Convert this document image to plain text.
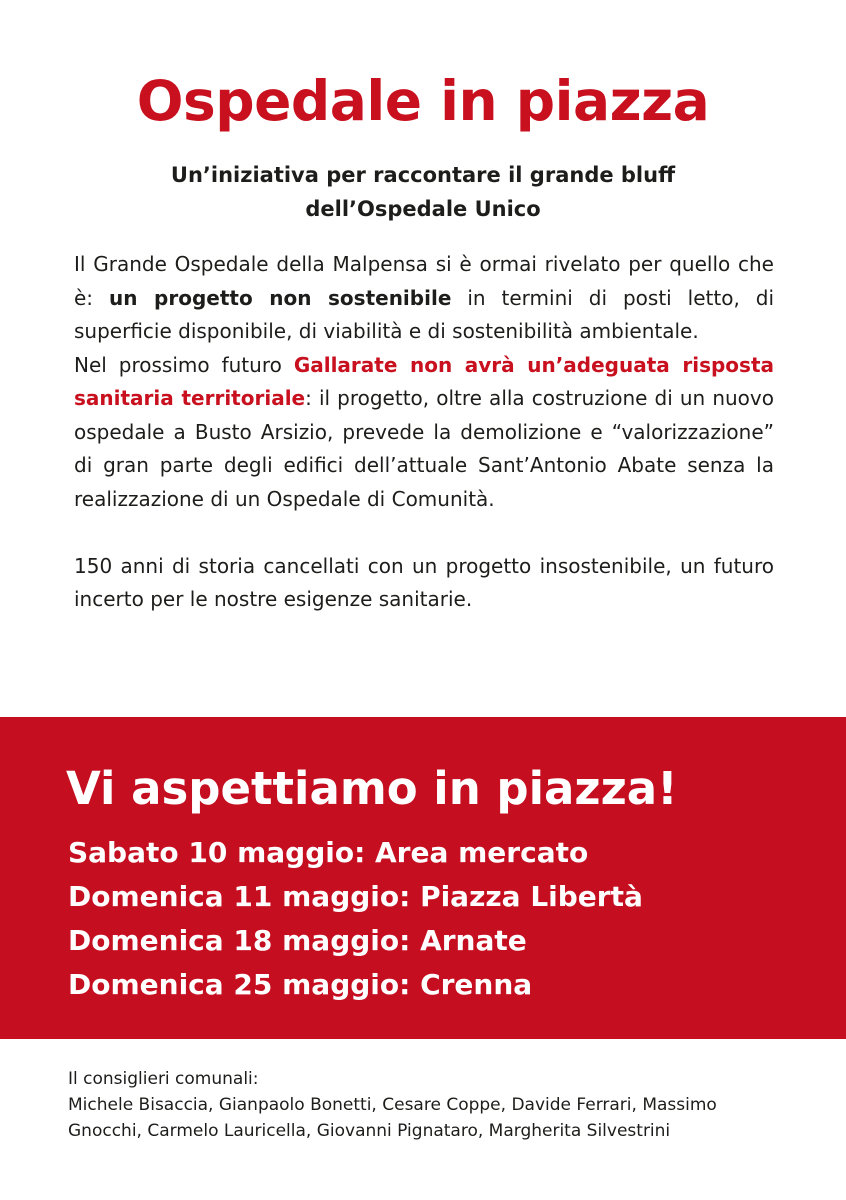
Ospedale in piazza
Un’iniziativa per raccontare il grande bluff
dell’Ospedale Unico

Il Grande Ospedale della Malpensa si è ormai rivelato per quello che è: un progetto non sostenibile in termini di posti letto, di superficie disponibile, di viabilità e di sostenibilità ambientale.

Nel prossimo futuro Gallarate non avrà un’adeguata risposta sanitaria territoriale: il progetto, oltre alla costruzione di un nuovo ospedale a Busto Arsizio, prevede la demolizione e “valorizzazione” di gran parte degli edifici dell’attuale Sant’Antonio Abate senza la realizzazione di un Ospedale di Comunità.

150 anni di storia cancellati con un progetto insostenibile, un futuro incerto per le nostre esigenze sanitarie.

Vi aspettiamo in piazza!
Sabato 10 maggio: Area mercato
Domenica 11 maggio: Piazza Libertà
Domenica 18 maggio: Arnate
Domenica 25 maggio: Crenna

Il consiglieri comunali:

Michele Bisaccia, Gianpaolo Bonetti, Cesare Coppe, Davide Ferrari, Massimo Gnocchi, Carmelo Lauricella, Giovanni Pignataro, Margherita Silvestrini
